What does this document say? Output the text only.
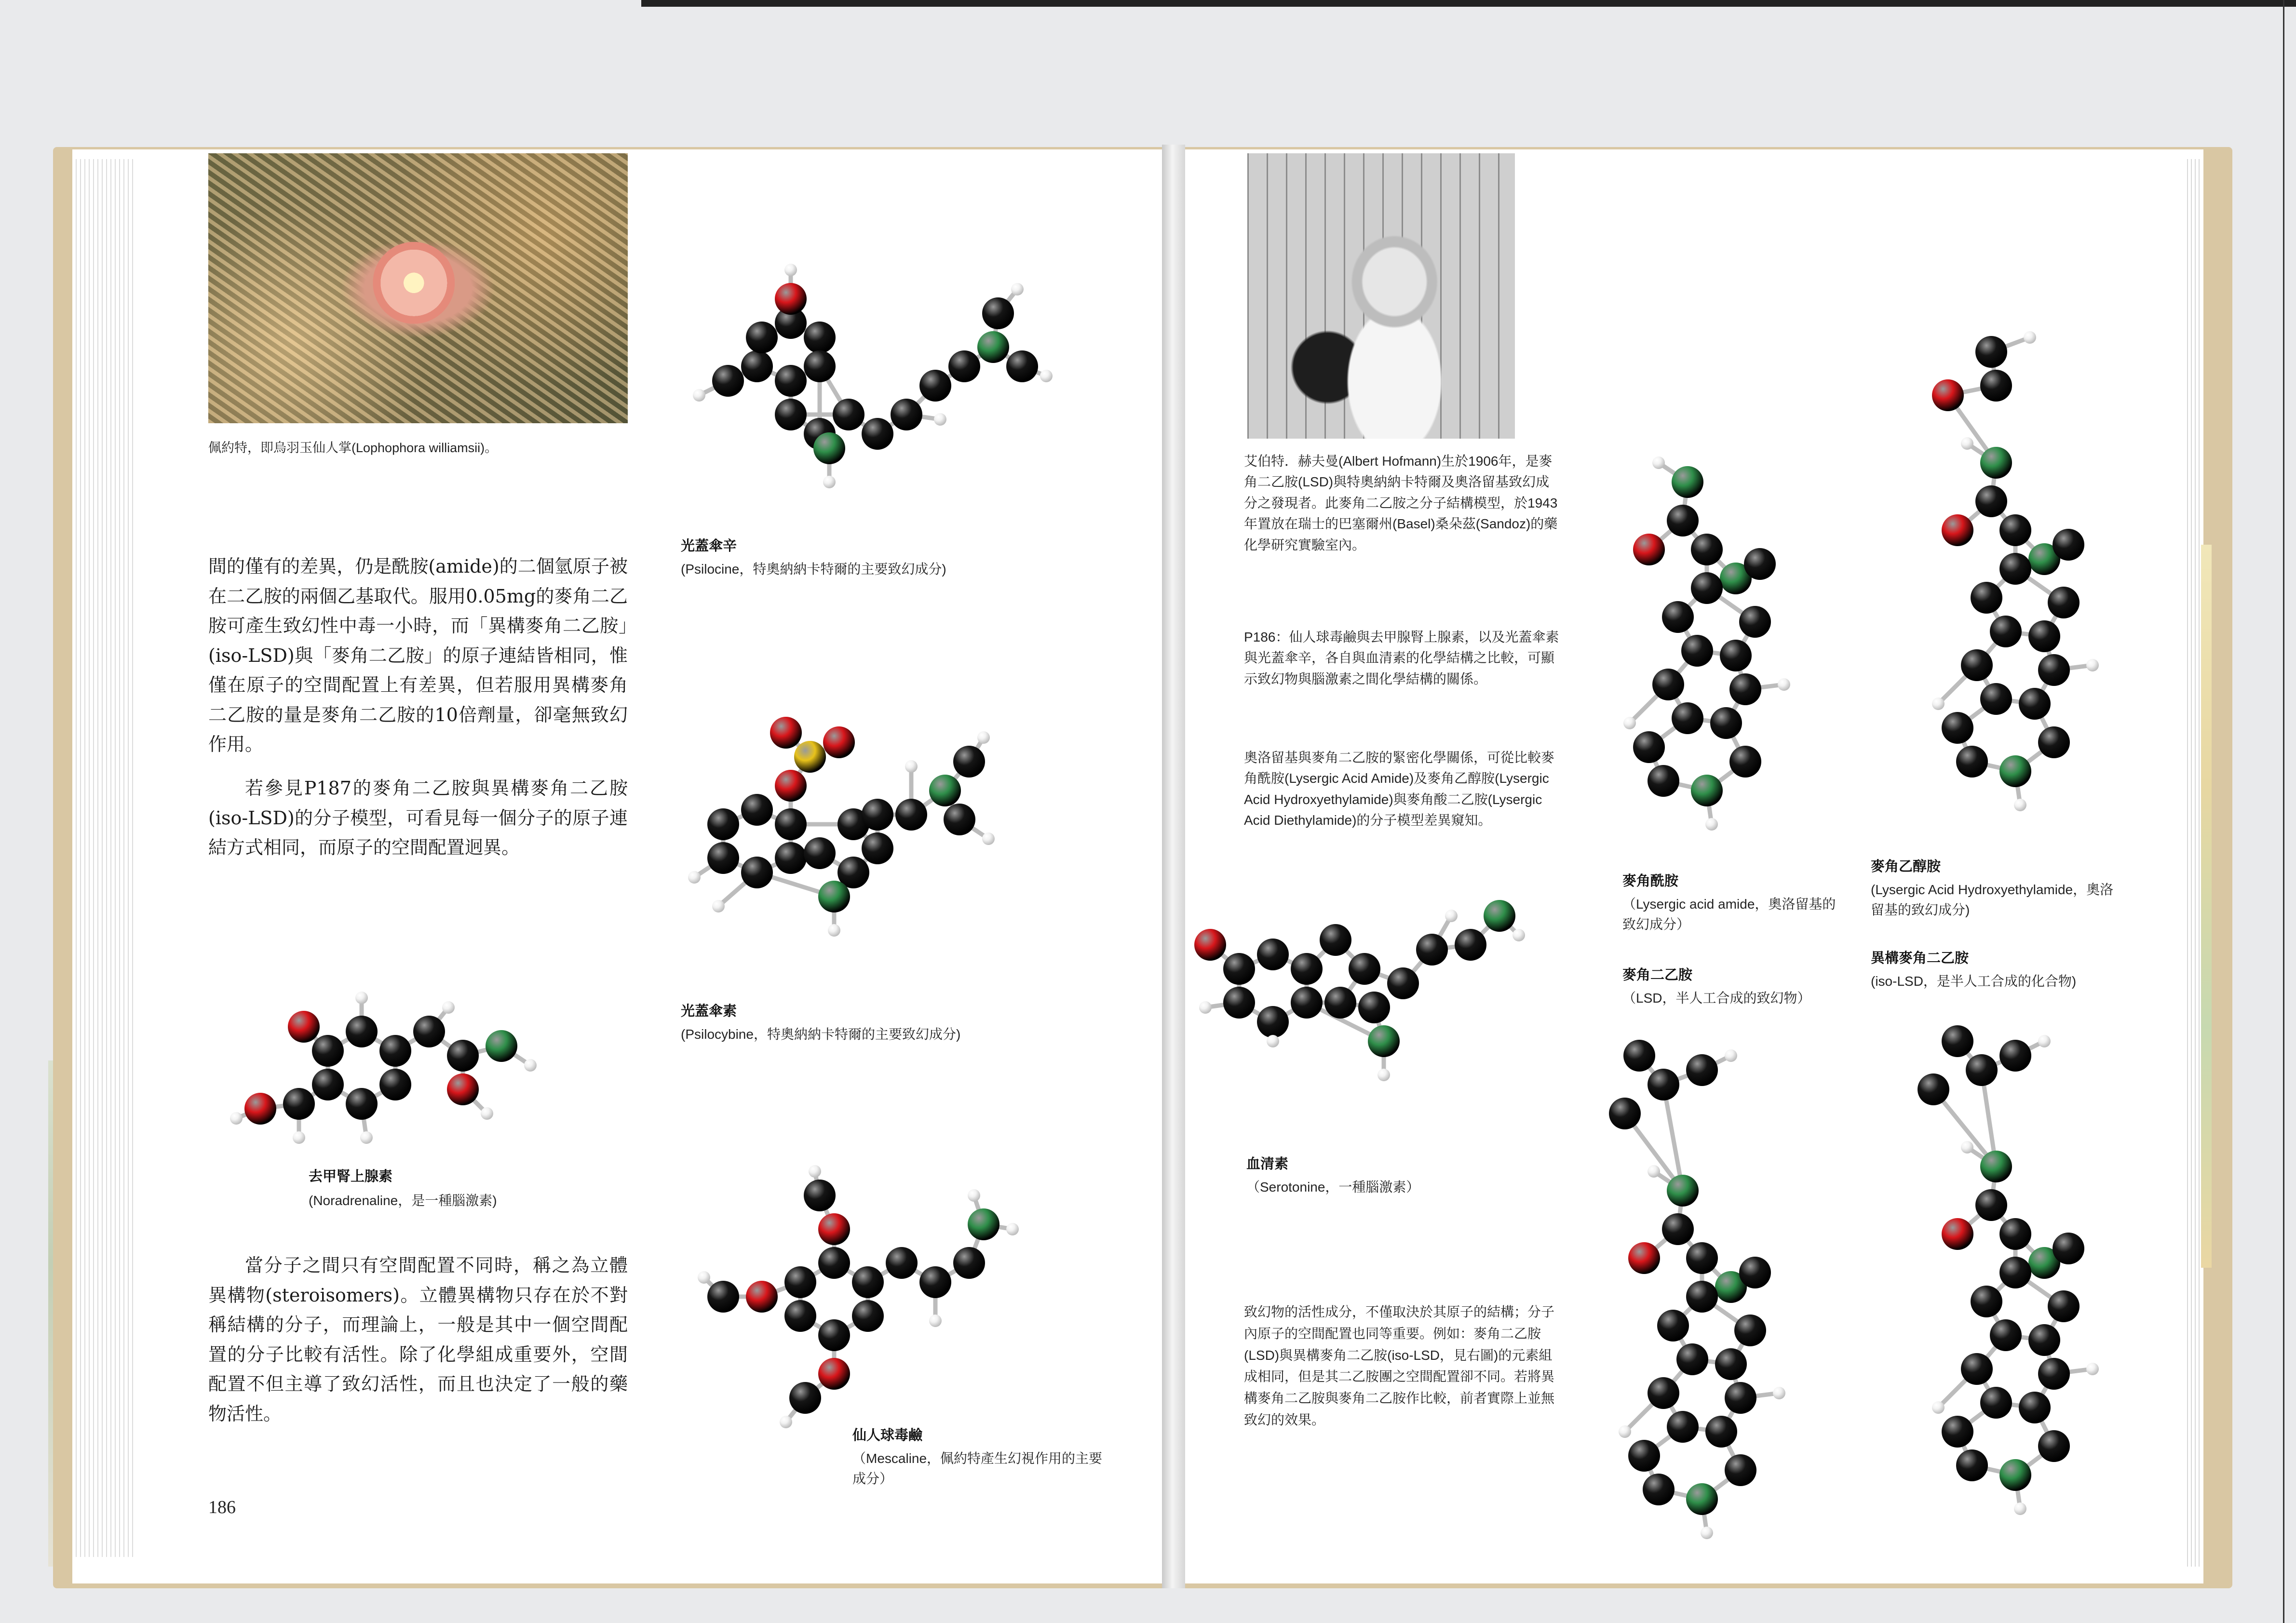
佩約特，即烏羽玉仙人掌(Lophophora williamsii)。
間的僅有的差異，仍是酰胺(amide)的二個氫原子被在二乙胺的兩個乙基取代。服用0.05mg的麥角二乙胺可產生致幻性中毒一小時，而「異構麥角二乙胺」(iso-LSD)與「麥角二乙胺」的原子連結皆相同，惟僅在原子的空間配置上有差異，但若服用異構麥角二乙胺的量是麥角二乙胺的10倍劑量，卻毫無致幻作用。
若參見P187的麥角二乙胺與異構麥角二乙胺(iso-LSD)的分子模型，可看見每一個分子的原子連結方式相同，而原子的空間配置迥異。
當分子之間只有空間配置不同時，稱之為立體異構物(steroisomers)。立體異構物只存在於不對稱結構的分子，而理論上，一般是其中一個空間配置的分子比較有活性。除了化學組成重要外，空間配置不但主導了致幻活性，而且也決定了一般的藥物活性。
186
光蓋傘辛
(Psilocine，特奧納納卡特爾的主要致幻成分)
光蓋傘素
(Psilocybine，特奧納納卡特爾的主要致幻成分)
去甲腎上腺素
(Noradrenaline，是一種腦激素)
仙人球毒鹼
（Mescaline，佩約特產生幻視作用的主要成分）
艾伯特．赫夫曼(Albert Hofmann)生於1906年，是麥角二乙胺(LSD)與特奧納納卡特爾及奧洛留基致幻成分之發現者。此麥角二乙胺之分子結構模型，於1943年置放在瑞士的巴塞爾州(Basel)桑朵茲(Sandoz)的藥化學研究實驗室內。
P186：仙人球毒鹼與去甲腺腎上腺素，以及光蓋傘素與光蓋傘辛，各自與血清素的化學結構之比較，可顯示致幻物與腦激素之間化學結構的關係。
奧洛留基與麥角二乙胺的緊密化學關係，可從比較麥角酰胺(Lysergic Acid Amide)及麥角乙醇胺(Lysergic Acid Hydroxyethylamide)與麥角酸二乙胺(Lysergic Acid Diethylamide)的分子模型差異窺知。
致幻物的活性成分，不僅取決於其原子的結構；分子內原子的空間配置也同等重要。例如：麥角二乙胺(LSD)與異構麥角二乙胺(iso-LSD，見右圖)的元素組成相同，但是其二乙胺團之空間配置卻不同。若將異構麥角二乙胺與麥角二乙胺作比較，前者實際上並無致幻的效果。
血清素
（Serotonine，一種腦激素）
麥角酰胺
（Lysergic acid amide，奧洛留基的致幻成分）
麥角乙醇胺
(Lysergic Acid Hydroxyethylamide，奧洛留基的致幻成分)
麥角二乙胺
（LSD，半人工合成的致幻物）
異構麥角二乙胺
(iso-LSD，是半人工合成的化合物)
